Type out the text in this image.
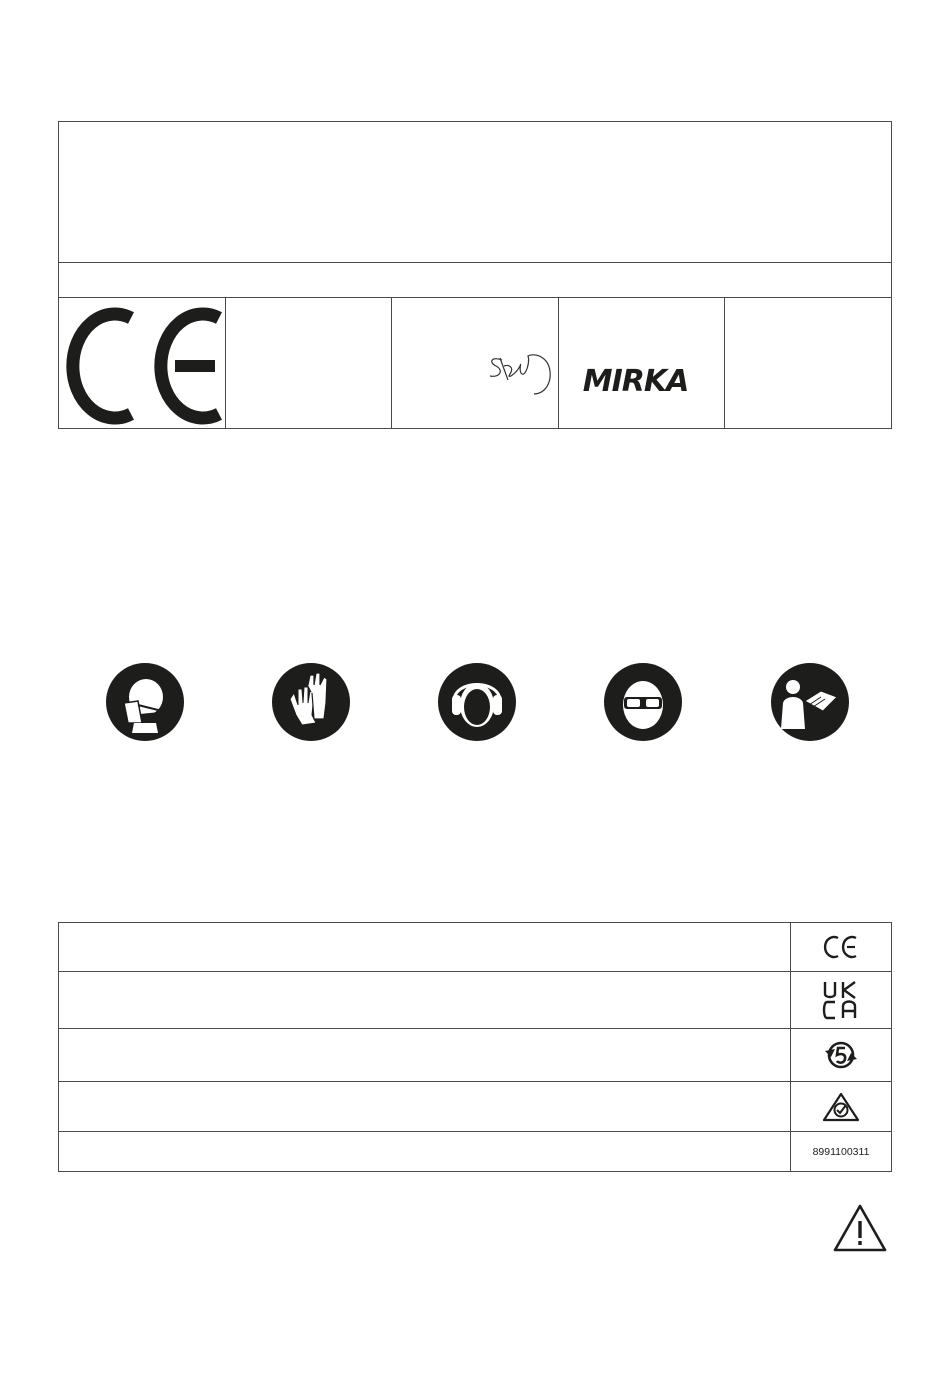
MIRKA
8991100311
